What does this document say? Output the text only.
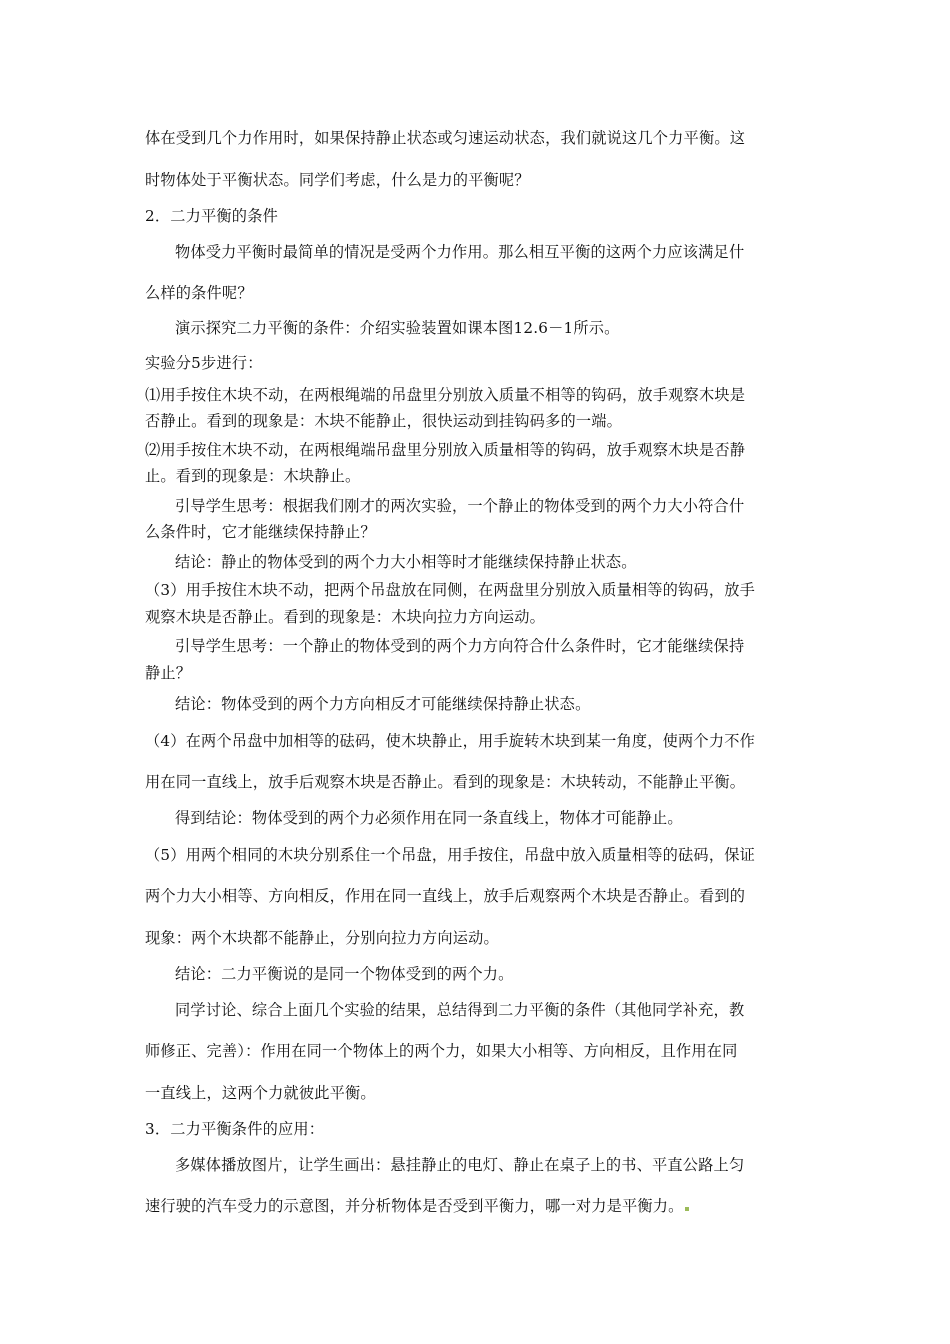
体在受到几个力作用时，如果保持静止状态或匀速运动状态，我们就说这几个力平衡。这
时物体处于平衡状态。同学们考虑，什么是力的平衡呢？
2．二力平衡的条件
物体受力平衡时最简单的情况是受两个力作用。那么相互平衡的这两个力应该满足什
么样的条件呢？
演示探究二力平衡的条件：介绍实验装置如课本图12.6－1所示。
实验分5步进行：
⑴用手按住木块不动，在两根绳端的吊盘里分别放入质量不相等的钩码，放手观察木块是
否静止。看到的现象是：木块不能静止，很快运动到挂钩码多的一端。
⑵用手按住木块不动，在两根绳端吊盘里分别放入质量相等的钩码，放手观察木块是否静
止。看到的现象是：木块静止。
引导学生思考：根据我们刚才的两次实验，一个静止的物体受到的两个力大小符合什
么条件时，它才能继续保持静止？
结论：静止的物体受到的两个力大小相等时才能继续保持静止状态。
（3）用手按住木块不动，把两个吊盘放在同侧，在两盘里分别放入质量相等的钩码，放手
观察木块是否静止。看到的现象是：木块向拉力方向运动。
引导学生思考：一个静止的物体受到的两个力方向符合什么条件时，它才能继续保持
静止？
结论：物体受到的两个力方向相反才可能继续保持静止状态。
（4）在两个吊盘中加相等的砝码，使木块静止，用手旋转木块到某一角度，使两个力不作
用在同一直线上，放手后观察木块是否静止。看到的现象是：木块转动，不能静止平衡。
得到结论：物体受到的两个力必须作用在同一条直线上，物体才可能静止。
（5）用两个相同的木块分别系住一个吊盘，用手按住，吊盘中放入质量相等的砝码，保证
两个力大小相等、方向相反，作用在同一直线上，放手后观察两个木块是否静止。看到的
现象：两个木块都不能静止，分别向拉力方向运动。
结论：二力平衡说的是同一个物体受到的两个力。
同学讨论、综合上面几个实验的结果，总结得到二力平衡的条件（其他同学补充，教
师修正、完善）：作用在同一个物体上的两个力，如果大小相等、方向相反，且作用在同
一直线上，这两个力就彼此平衡。
3．二力平衡条件的应用：
多媒体播放图片，让学生画出：悬挂静止的电灯、静止在桌子上的书、平直公路上匀
速行驶的汽车受力的示意图，并分析物体是否受到平衡力，哪一对力是平衡力。
